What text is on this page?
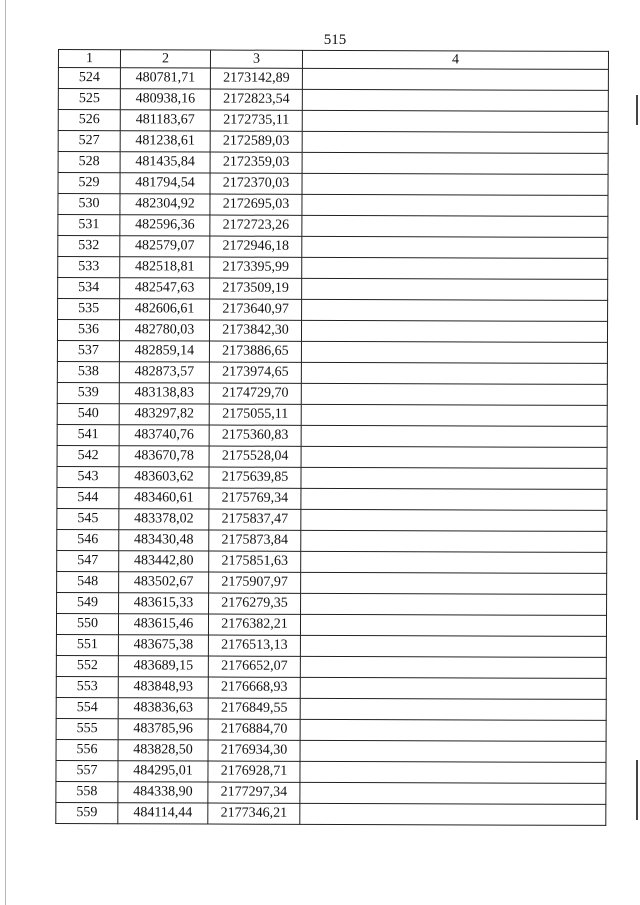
515
1	2	3	4
524	480781,71	2173142,89	
525	480938,16	2172823,54	
526	481183,67	2172735,11	
527	481238,61	2172589,03	
528	481435,84	2172359,03	
529	481794,54	2172370,03	
530	482304,92	2172695,03	
531	482596,36	2172723,26	
532	482579,07	2172946,18	
533	482518,81	2173395,99	
534	482547,63	2173509,19	
535	482606,61	2173640,97	
536	482780,03	2173842,30	
537	482859,14	2173886,65	
538	482873,57	2173974,65	
539	483138,83	2174729,70	
540	483297,82	2175055,11	
541	483740,76	2175360,83	
542	483670,78	2175528,04	
543	483603,62	2175639,85	
544	483460,61	2175769,34	
545	483378,02	2175837,47	
546	483430,48	2175873,84	
547	483442,80	2175851,63	
548	483502,67	2175907,97	
549	483615,33	2176279,35	
550	483615,46	2176382,21	
551	483675,38	2176513,13	
552	483689,15	2176652,07	
553	483848,93	2176668,93	
554	483836,63	2176849,55	
555	483785,96	2176884,70	
556	483828,50	2176934,30	
557	484295,01	2176928,71	
558	484338,90	2177297,34	
559	484114,44	2177346,21	
